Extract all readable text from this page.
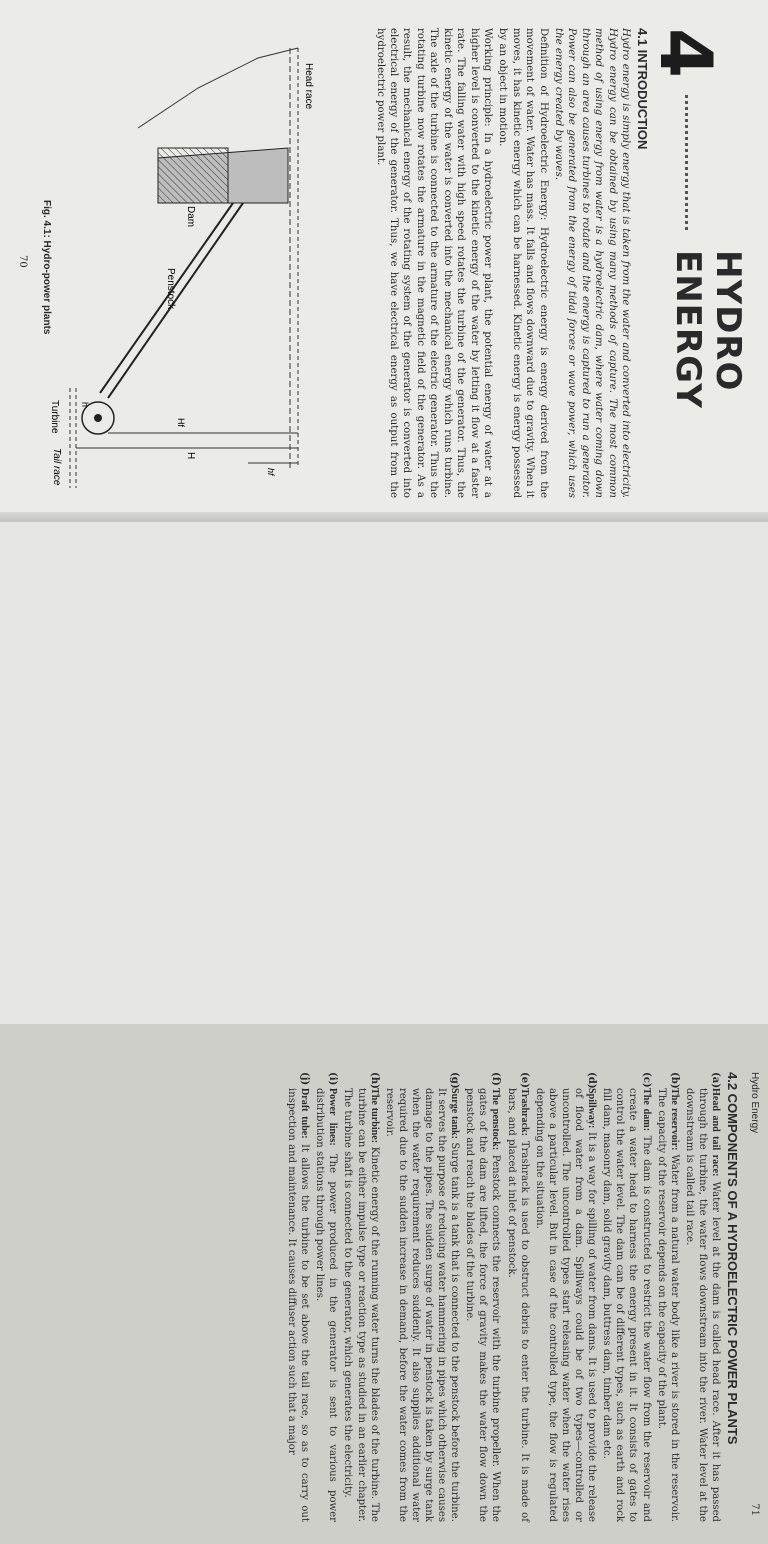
4
HYDRO ENERGY
4.1 INTRODUCTION

Hydro energy is simply energy that is taken from the water and converted into electricity. Hydro energy can be obtained by using many methods of capture. The most common method of using energy from water is a hydroelectric dam, where water coming down through an area causes turbines to rotate and the energy is captured to run a generator. Power can also be generated from the energy of tidal forces or wave power, which uses the energy created by waves.

Definition of Hydroelectric Energy: Hydroelectric energy is energy derived from the movement of water. Water has mass. It falls and flows downward due to gravity. When it moves, it has kinetic energy which can be harnessed. Kinetic energy is energy possessed by an object in motion.

Working principle: In a hydroelectric power plant, the potential energy of water at a higher level is converted to the kinetic energy of the water by letting it flow at a faster rate. The falling water with high speed rotates the turbine of the generator. Thus, the kinetic energy of the water is converted into the mechanical energy which runs turbine. The axle of the turbine is connected to the armature of the electric generator. Thus the rotating turbine now rotates the armature in the magnetic field of the generator. As a result, the mechanical energy of the rotating system of the generator is converted into electrical energy of the generator. Thus, we have electrical energy as output from the hydroelectric power plant.

Head race
Dam
Penstock
hf
H
Hf
h
Turbine
Tail race
Fig. 4.1: Hydro-power plants
70
Hydro Energy
71
4.2 COMPONENTS OF A HYDROELECTRIC POWER PLANTS

(a)Head and tail race: Water level at the dam is called head race. After it has passed through the turbine, the water flows downstream into the river. Water level at the downstream is called tail race.

(b)The reservoir: Water from a natural water body like a river is stored in the reservoir. The capacity of the reservoir depends on the capacity of the plant.

(c)The dam: The dam is constructed to restrict the water flow from the reservoir and create a water head to harness the energy present in it. It consists of gates to control the water level. The dam can be of different types, such as earth and rock fill dam, masonry dam, solid gravity dam, buttress dam, timber dam etc.

(d)Spillway: It is a way for spilling of water from dams. It is used to provide the release of flood water from a dam. Spillways could be of two types—controlled or uncontrolled. The uncontrolled types start releasing water when the water rises above a particular level. But in case of the controlled type, the flow is regulated depending on the situation.

(e)Trashrack: Trashrack is used to obstruct debris to enter the turbine. It is made of bars, and placed at inlet of penstock.

(f)The penstock: Penstock connects the reservoir with the turbine propeller. When the gates of the dam are lifted, the force of gravity makes the water flow down the penstock and reach the blades of the turbine.

(g)Surge tank: Surge tank is a tank that is connected to the penstock before the turbine. It serves the purpose of reducing water hammering in pipes which otherwise causes damage to the pipes. The sudden surge of water in penstock is taken by surge tank when the water requirement reduces suddenly. It also supplies additional water required due to the sudden increase in demand, before the water comes from the reservoir.

(h)The turbine: Kinetic energy of the running water turns the blades of the turbine. The turbine can be either impulse type or reaction type as studied in an earlier chapter. The turbine shaft is connected to the generator, which generates the electricity.

(i)Power lines: The power produced in the generator is sent to various power distribution stations through power lines.

(j)Draft tube: It allows the turbine to be set above the tail race, so as to carry out inspection and maintenance. It causes diffuser action such that a major
